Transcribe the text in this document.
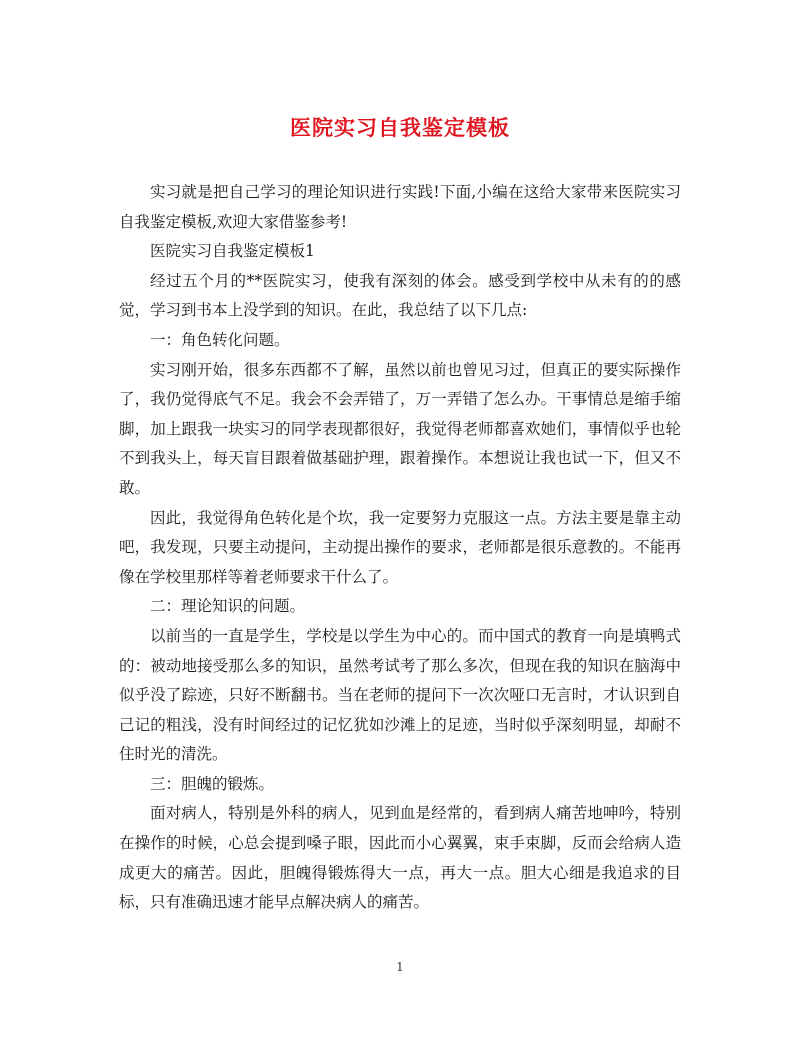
医院实习自我鉴定模板

实习就是把自己学习的理论知识进行实践!下面,小编在这给大家带来医院实习自我鉴定模板,欢迎大家借鉴参考!

医院实习自我鉴定模板1

经过五个月的**医院实习，使我有深刻的体会。感受到学校中从未有的的感觉，学习到书本上没学到的知识。在此，我总结了以下几点:

一：角色转化问题。

实习刚开始，很多东西都不了解，虽然以前也曾见习过，但真正的要实际操作了，我仍觉得底气不足。我会不会弄错了，万一弄错了怎么办。干事情总是缩手缩脚，加上跟我一块实习的同学表现都很好，我觉得老师都喜欢她们，事情似乎也轮不到我头上，每天盲目跟着做基础护理，跟着操作。本想说让我也试一下，但又不敢。

因此，我觉得角色转化是个坎，我一定要努力克服这一点。方法主要是靠主动吧，我发现，只要主动提问，主动提出操作的要求，老师都是很乐意教的。不能再像在学校里那样等着老师要求干什么了。

二：理论知识的问题。

以前当的一直是学生，学校是以学生为中心的。而中国式的教育一向是填鸭式的：被动地接受那么多的知识，虽然考试考了那么多次，但现在我的知识在脑海中似乎没了踪迹，只好不断翻书。当在老师的提问下一次次哑口无言时，才认识到自己记的粗浅，没有时间经过的记忆犹如沙滩上的足迹，当时似乎深刻明显，却耐不住时光的清洗。

三：胆魄的锻炼。

面对病人，特别是外科的病人，见到血是经常的，看到病人痛苦地呻吟，特别在操作的时候，心总会提到嗓子眼，因此而小心翼翼，束手束脚，反而会给病人造成更大的痛苦。因此，胆魄得锻炼得大一点，再大一点。胆大心细是我追求的目标，只有准确迅速才能早点解决病人的痛苦。

1
